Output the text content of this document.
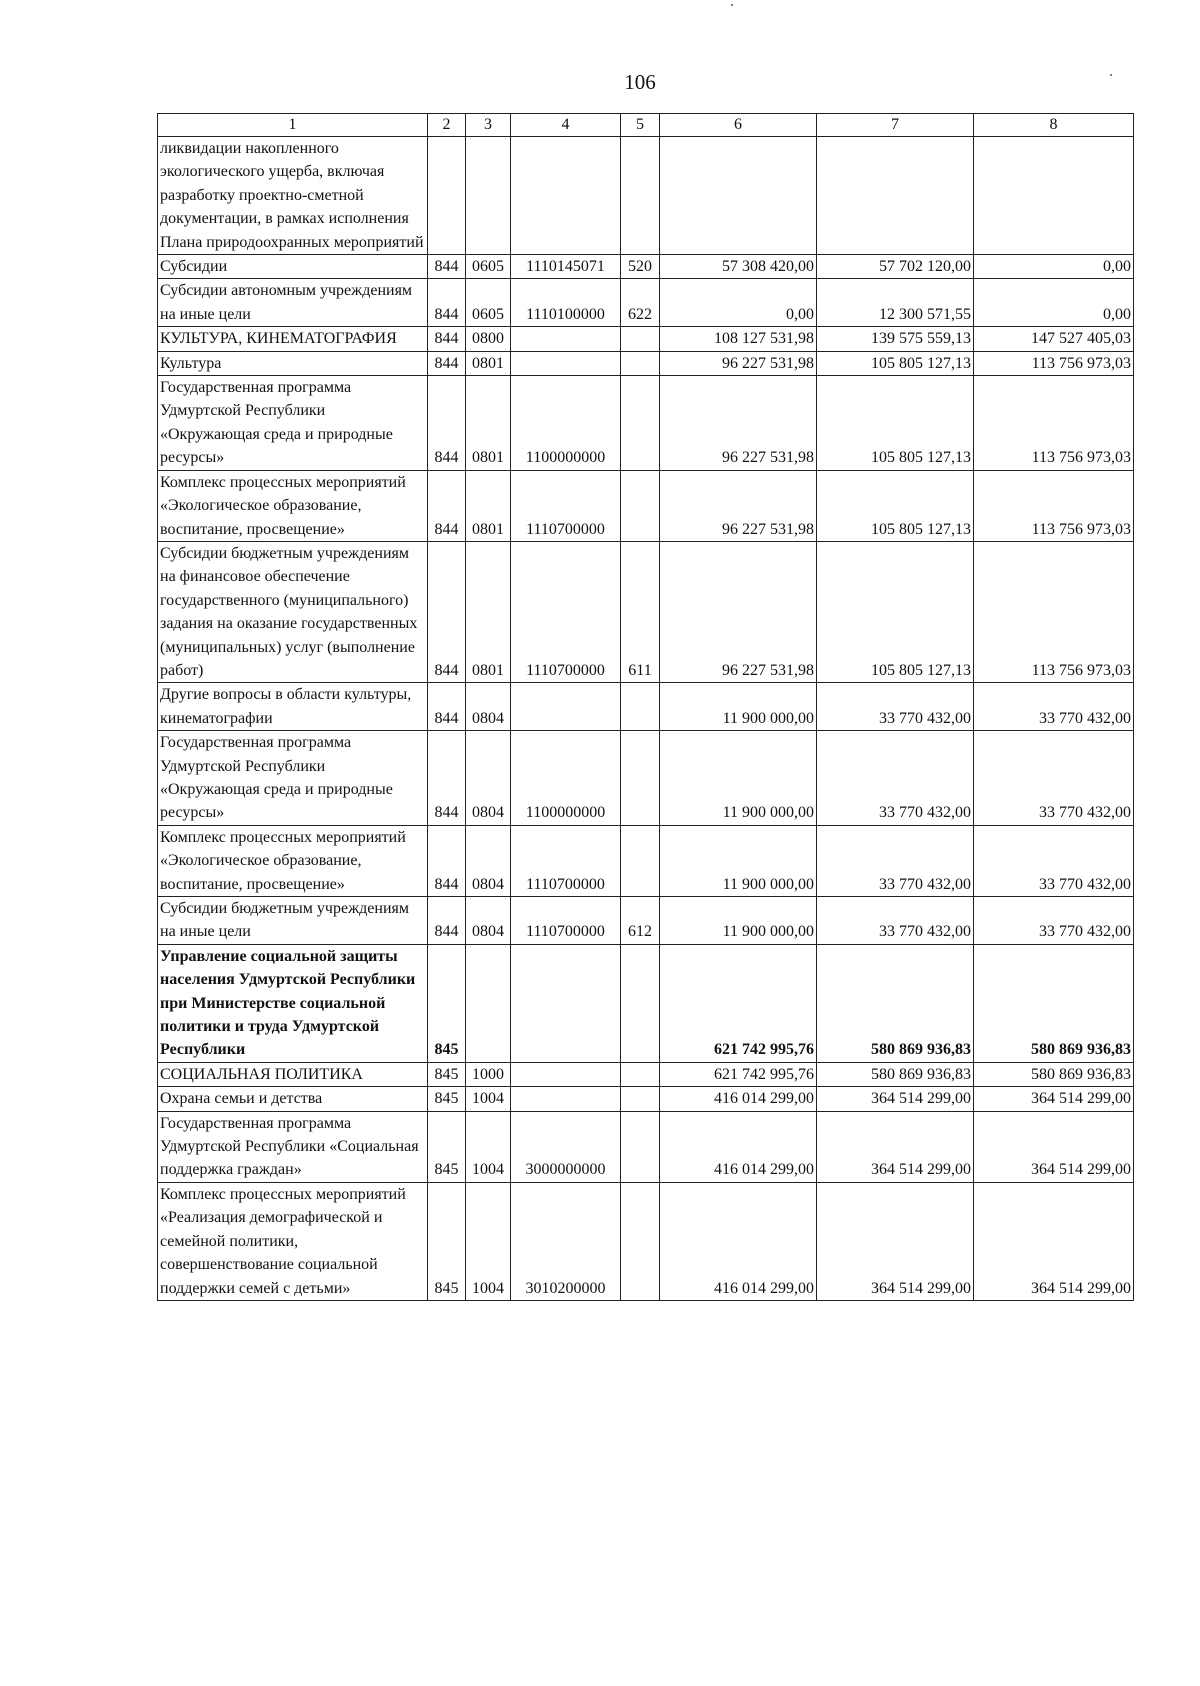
106
1	2	3	4	5	6	7	8
ликвидации накопленного экологического ущерба, включая разработку проектно-сметной документации, в рамках исполнения Плана природоохранных мероприятий							
Субсидии	844	0605	1110145071	520	57 308 420,00	57 702 120,00	0,00
Субсидии автономным учреждениям на иные цели	844	0605	1110100000	622	0,00	12 300 571,55	0,00
КУЛЬТУРА, КИНЕМАТОГРАФИЯ	844	0800			108 127 531,98	139 575 559,13	147 527 405,03
Культура	844	0801			96 227 531,98	105 805 127,13	113 756 973,03
Государственная программа Удмуртской Республики «Окружающая среда и природные ресурсы»	844	0801	1100000000		96 227 531,98	105 805 127,13	113 756 973,03
Комплекс процессных мероприятий «Экологическое образование, воспитание, просвещение»	844	0801	1110700000		96 227 531,98	105 805 127,13	113 756 973,03
Субсидии бюджетным учреждениям на финансовое обеспечение государственного (муниципального) задания на оказание государственных (муниципальных) услуг (выполнение работ)	844	0801	1110700000	611	96 227 531,98	105 805 127,13	113 756 973,03
Другие вопросы в области культуры, кинематографии	844	0804			11 900 000,00	33 770 432,00	33 770 432,00
Государственная программа Удмуртской Республики «Окружающая среда и природные ресурсы»	844	0804	1100000000		11 900 000,00	33 770 432,00	33 770 432,00
Комплекс процессных мероприятий «Экологическое образование, воспитание, просвещение»	844	0804	1110700000		11 900 000,00	33 770 432,00	33 770 432,00
Субсидии бюджетным учреждениям на иные цели	844	0804	1110700000	612	11 900 000,00	33 770 432,00	33 770 432,00
Управление социальной защиты населения Удмуртской Республики при Министерстве социальной политики и труда Удмуртской Республики	845				621 742 995,76	580 869 936,83	580 869 936,83
СОЦИАЛЬНАЯ ПОЛИТИКА	845	1000			621 742 995,76	580 869 936,83	580 869 936,83
Охрана семьи и детства	845	1004			416 014 299,00	364 514 299,00	364 514 299,00
Государственная программа Удмуртской Республики «Социальная поддержка граждан»	845	1004	3000000000		416 014 299,00	364 514 299,00	364 514 299,00
Комплекс процессных мероприятий «Реализация демографической и семейной политики, совершенствование социальной поддержки семей с детьми»	845	1004	3010200000		416 014 299,00	364 514 299,00	364 514 299,00
